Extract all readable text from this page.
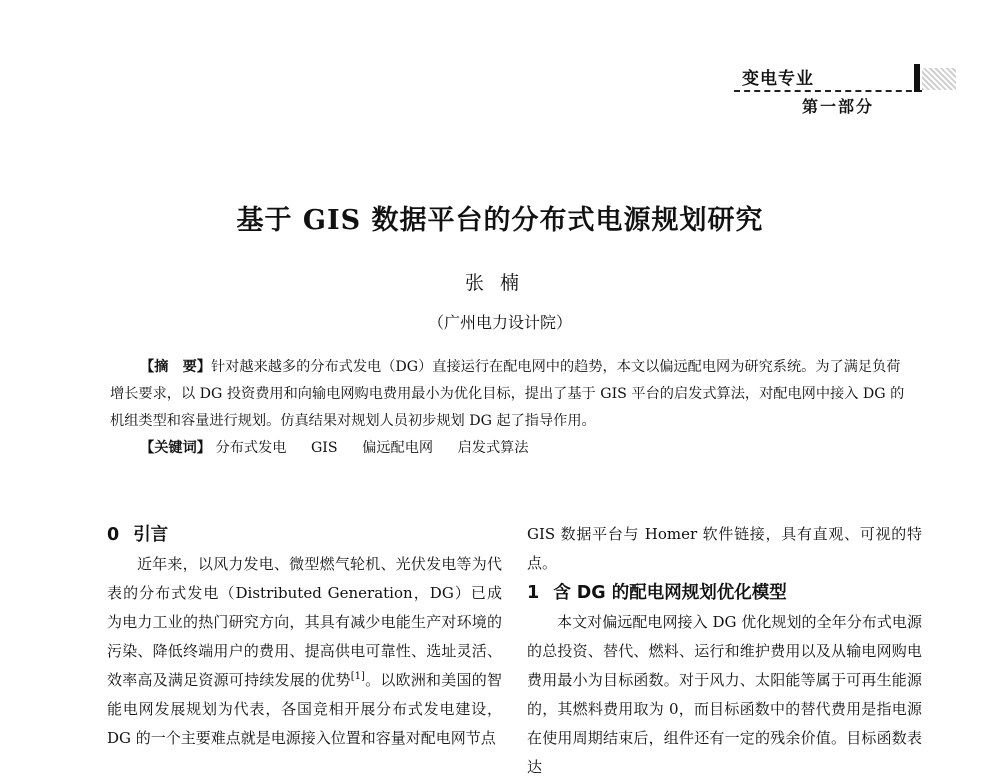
变电专业
第一部分
基于 GIS 数据平台的分布式电源规划研究
张楠
（广州电力设计院）

【摘　要】针对越来越多的分布式发电（DG）直接运行在配电网中的趋势，本文以偏远配电网为研究系统。为了满足负荷增长要求，以 DG 投资费用和向输电网购电费用最小为优化目标，提出了基于 GIS 平台的启发式算法，对配电网中接入 DG 的机组类型和容量进行规划。仿真结果对规划人员初步规划 DG 起了指导作用。

【关键词】 分布式发电 GIS 偏远配电网 启发式算法

0 引言

近年来，以风力发电、微型燃气轮机、光伏发电等为代表的分布式发电（Distributed Generation，DG）已成为电力工业的热门研究方向，其具有减少电能生产对环境的污染、降低终端用户的费用、提高供电可靠性、选址灵活、效率高及满足资源可持续发展的优势[1]。以欧洲和美国的智能电网发展规划为代表，各国竞相开展分布式发电建设，DG 的一个主要难点就是电源接入位置和容量对配电网节点

GIS 数据平台与 Homer 软件链接，具有直观、可视的特点。

1 含 DG 的配电网规划优化模型

本文对偏远配电网接入 DG 优化规划的全年分布式电源的总投资、替代、燃料、运行和维护费用以及从输电网购电费用最小为目标函数。对于风力、太阳能等属于可再生能源的，其燃料费用取为 0，而目标函数中的替代费用是指电源在使用周期结束后，组件还有一定的残余价值。目标函数表达
